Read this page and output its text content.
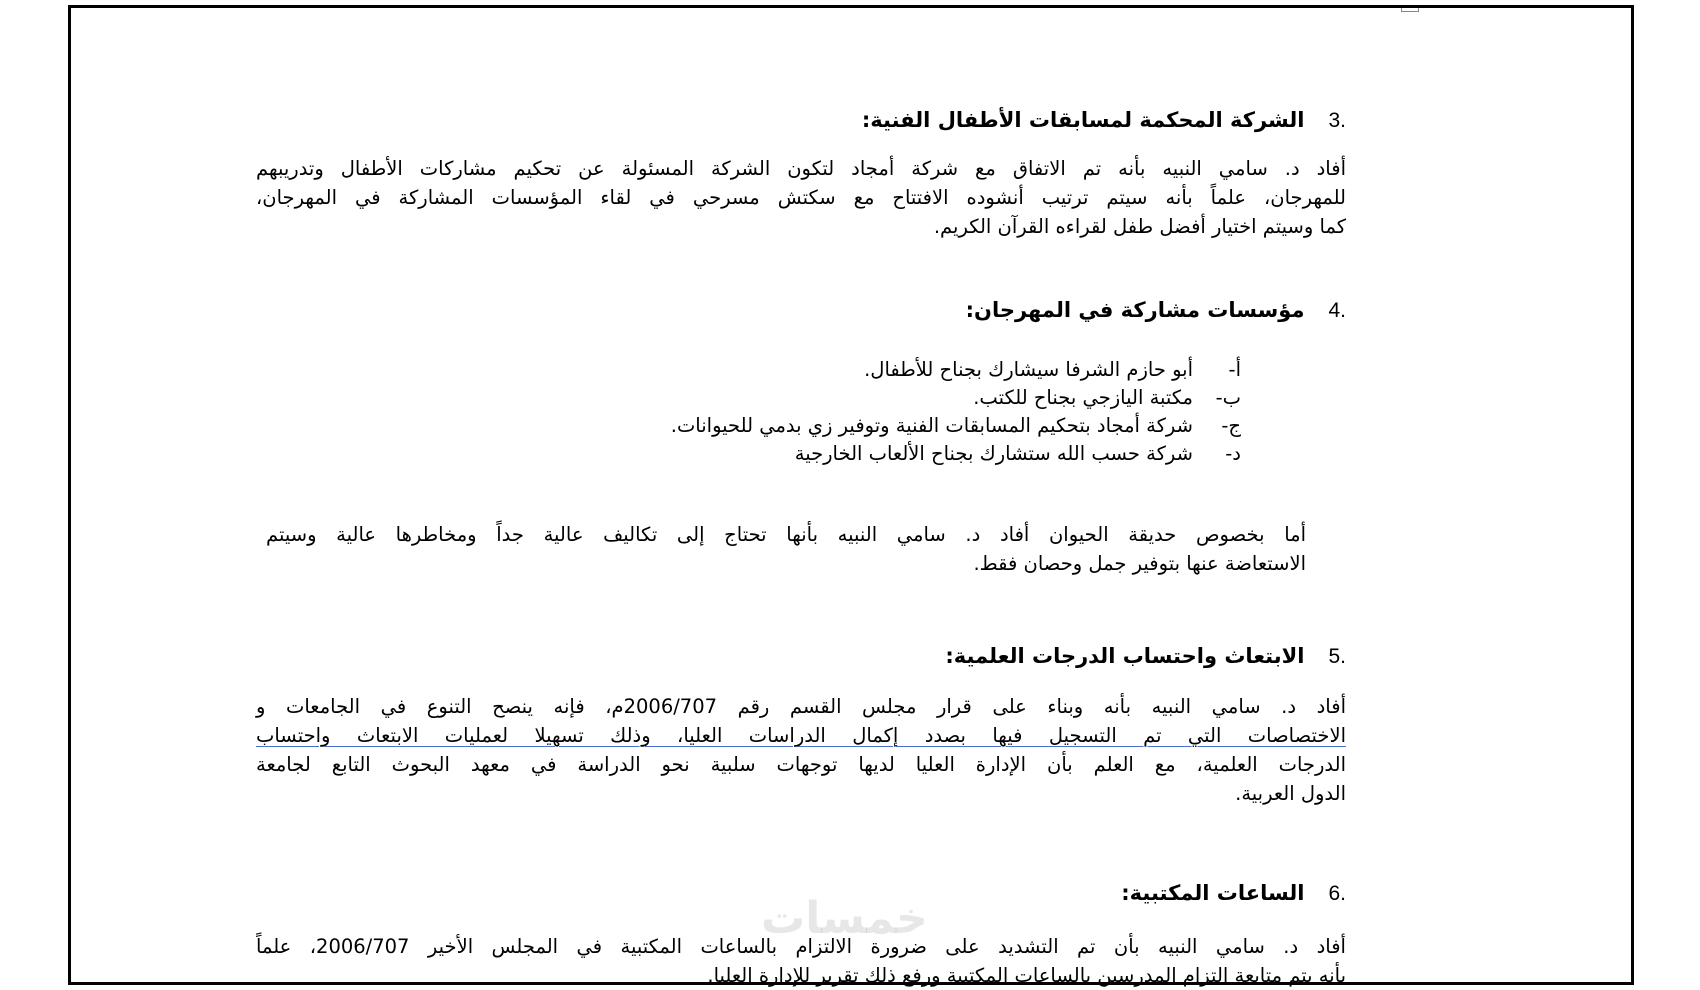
.3الشركة المحكمة لمسابقات الأطفال الفنية:
أفاد د. سامي النبيه بأنه تم الاتفاق مع شركة أمجاد لتكون الشركة المسئولة عن تحكيم مشاركات الأطفال وتدريبهم
للمهرجان، علماً بأنه سيتم ترتيب أنشوده الافتتاح مع سكتش مسرحي في لقاء المؤسسات المشاركة في المهرجان،
كما وسيتم اختيار أفضل طفل لقراءه القرآن الكريم.
.4مؤسسات مشاركة في المهرجان:
أ-
أبو حازم الشرفا سيشارك بجناح للأطفال.
ب-
مكتبة اليازجي بجناح للكتب.
ج-
شركة أمجاد بتحكيم المسابقات الفنية وتوفير زي بدمي للحيوانات.
د-
شركة حسب الله ستشارك بجناح الألعاب الخارجية
أما بخصوص حديقة الحيوان أفاد د. سامي النبيه بأنها تحتاج إلى تكاليف عالية جداً ومخاطرها عالية وسيتم
الاستعاضة عنها بتوفير جمل وحصان فقط.
.5الابتعاث واحتساب الدرجات العلمية:
أفاد د. سامي النبيه بأنه وبناء على قرار مجلس القسم رقم 2006/707م، فإنه ينصح التنوع في الجامعات و
الاختصاصات التي تم التسجيل فيها بصدد إكمال الدراسات العليا، وذلك تسهيلا لعمليات الابتعاث واحتساب
الدرجات العلمية، مع العلم بأن الإدارة العليا لديها توجهات سلبية نحو الدراسة في معهد البحوث التابع لجامعة
الدول العربية.
.6الساعات المكتبية:
أفاد د. سامي النبيه بأن تم التشديد على ضرورة الالتزام بالساعات المكتبية في المجلس الأخير 2006/707، علماً
بأنه يتم متابعة التزام المدرسين بالساعات المكتبية ورفع ذلك تقرير للإدارة العليا.
خمسات
